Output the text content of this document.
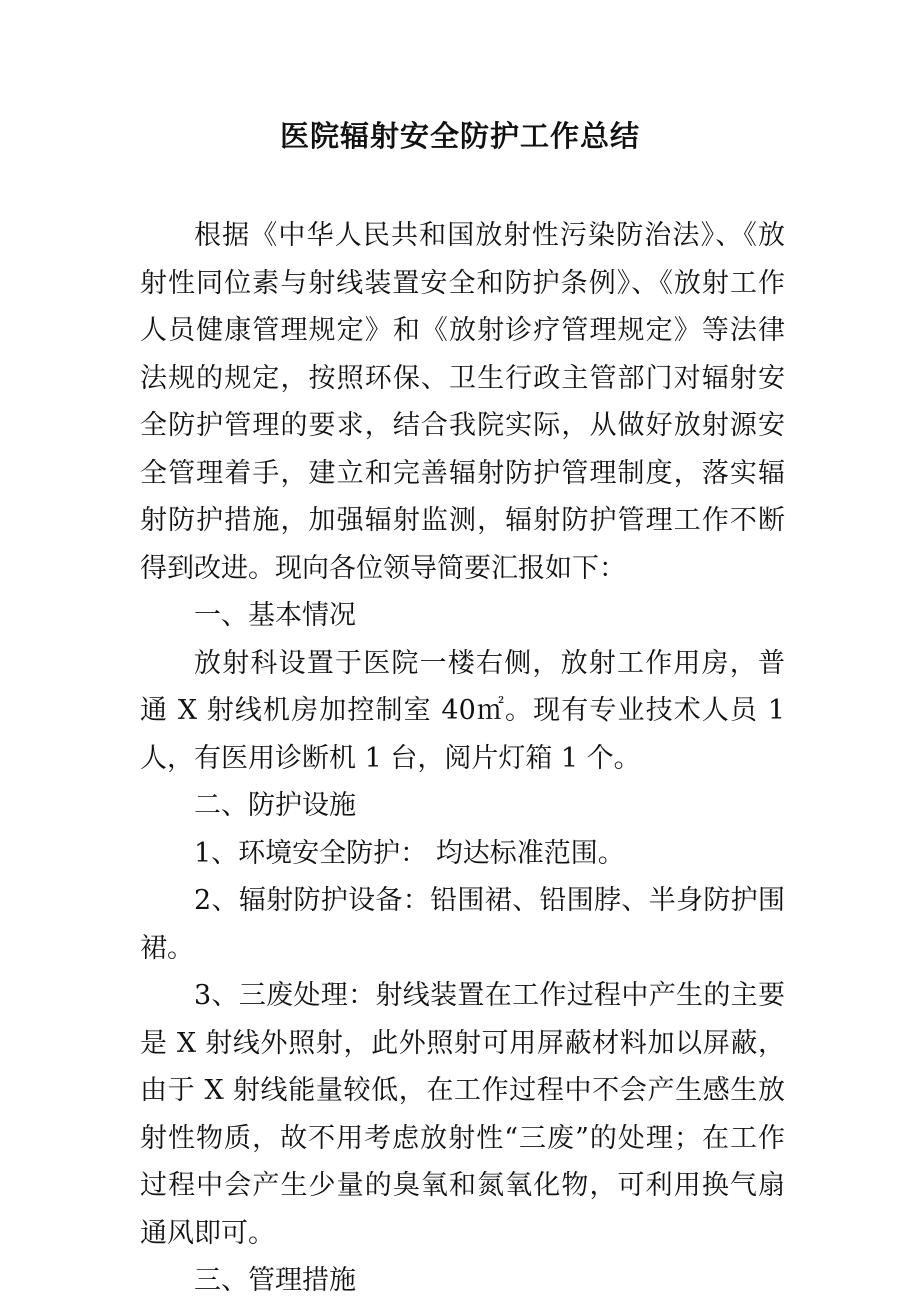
医院辐射安全防护工作总结

根据《中华人民共和国放射性污染防治法》、《放射性同位素与射线装置安全和防护条例》、《放射工作人员健康管理规定》和《放射诊疗管理规定》等法律法规的规定，按照环保、卫生行政主管部门对辐射安全防护管理的要求，结合我院实际，从做好放射源安全管理着手，建立和完善辐射防护管理制度，落实辐射防护措施，加强辐射监测，辐射防护管理工作不断得到改进。现向各位领导简要汇报如下：

一、基本情况

放射科设置于医院一楼右侧，放射工作用房，普通 X 射线机房加控制室 40㎡。现有专业技术人员 1 人，有医用诊断机 1 台，阅片灯箱 1 个。

二、防护设施

1、环境安全防护： 均达标准范围。

2、辐射防护设备：铅围裙、铅围脖、半身防护围裙。

3、三废处理：射线装置在工作过程中产生的主要是 X 射线外照射，此外照射可用屏蔽材料加以屏蔽，由于 X 射线能量较低，在工作过程中不会产生感生放射性物质，故不用考虑放射性“三废”的处理；在工作过程中会产生少量的臭氧和氮氧化物，可利用换气扇通风即可。

三、管理措施
